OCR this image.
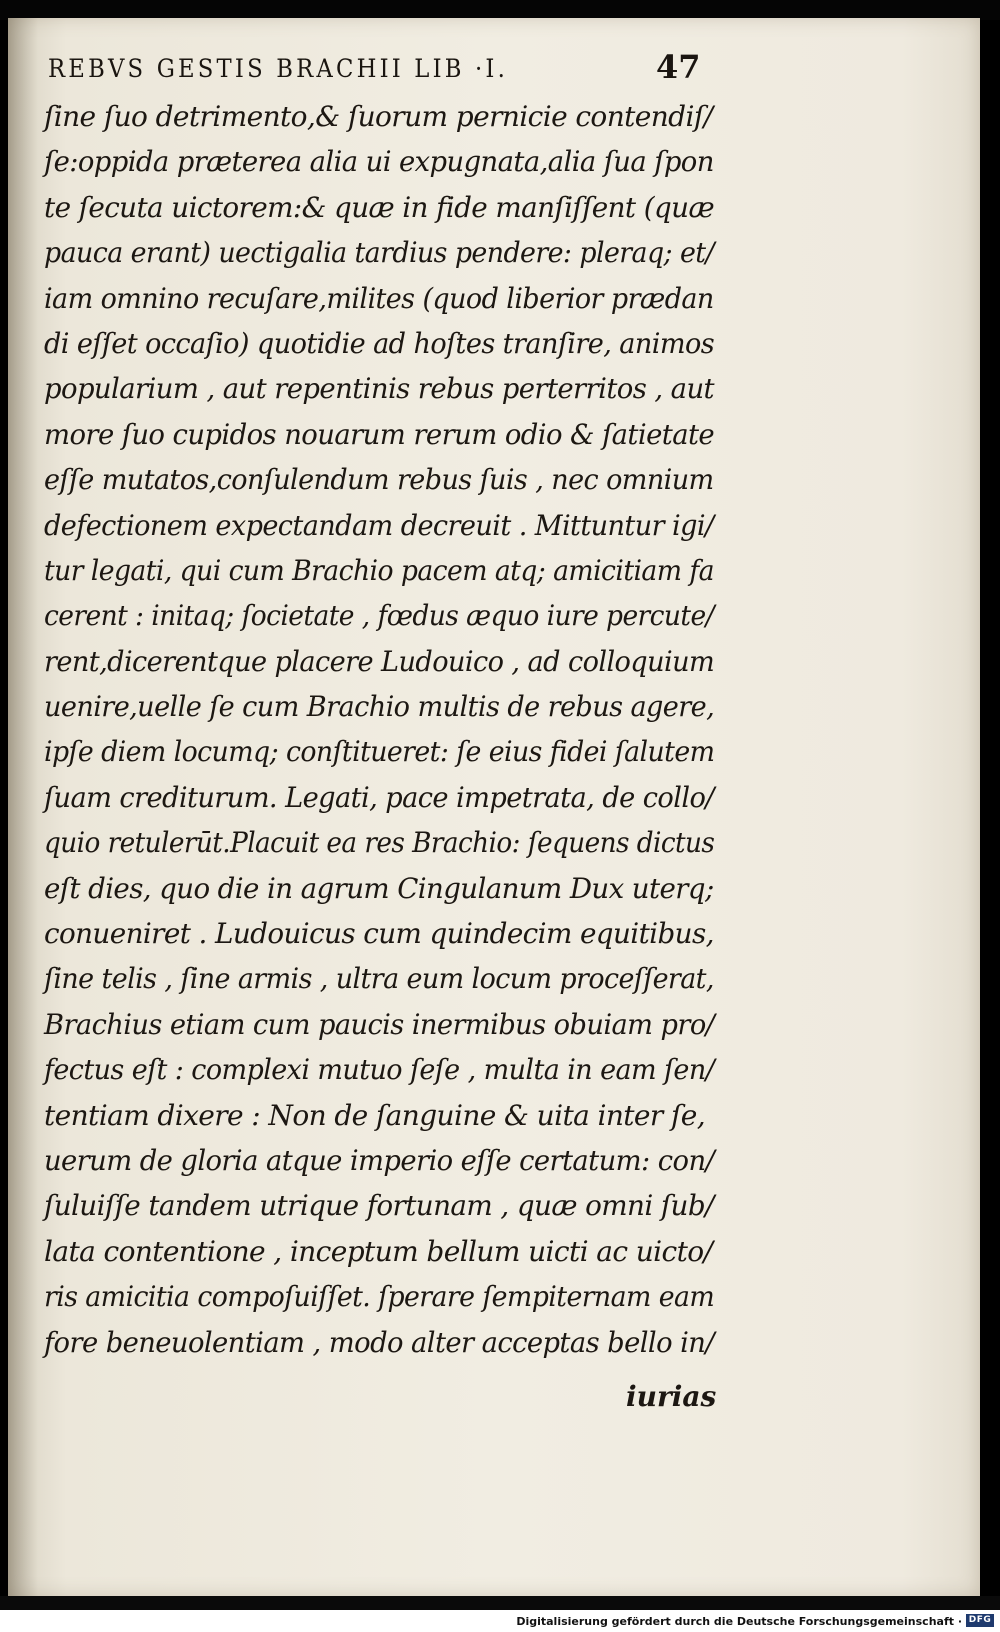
REBVS GESTIS BRACHII LIB ·I.	47
ſine ſuo detrimento,& ſuorum pernicie contendiſ/
ſe:oppida præterea alia ui expugnata,alia ſua ſpon
te ſecuta uictorem:& quæ in fide manſiſſent (quæ
pauca erant) uectigalia tardius pendere: pleraq; et/
iam omnino recuſare,milites (quod liberior prædan
di eſſet occaſio) quotidie ad hoſtes tranſire, animos
popularium , aut repentinis rebus perterritos , aut
more ſuo cupidos nouarum rerum odio & ſatietate
eſſe mutatos,conſulendum rebus ſuis , nec omnium
defectionem expectandam decreuit . Mittuntur igi/
tur legati, qui cum Brachio pacem atq; amicitiam fa
cerent : initaq; ſocietate , fœdus æquo iure percute/
rent,dicerentque placere Ludouico , ad colloquium
uenire,uelle ſe cum Brachio multis de rebus agere,
ipſe diem locumq; conſtitueret: ſe eius fidei ſalutem
ſuam crediturum. Legati, pace impetrata, de collo/
quio retulerūt.Placuit ea res Brachio: ſequens dictus
eſt dies, quo die in agrum Cingulanum Dux uterq;
conueniret . Ludouicus cum quindecim equitibus,
ſine telis , ſine armis , ultra eum locum proceſſerat,
Brachius etiam cum paucis inermibus obuiam pro/
fectus eſt : complexi mutuo ſeſe , multa in eam ſen/
tentiam dixere : Non de ſanguine & uita inter ſe,
uerum de gloria atque imperio eſſe certatum: con/
ſuluiſſe tandem utrique fortunam , quæ omni ſub/
lata contentione , inceptum bellum uicti ac uicto/
ris amicitia compoſuiſſet. ſperare ſempiternam eam
fore beneuolentiam , modo alter acceptas bello in/
iurias
Digitalisierung gefördert durch die Deutsche Forschungsgemeinschaft · DFG
